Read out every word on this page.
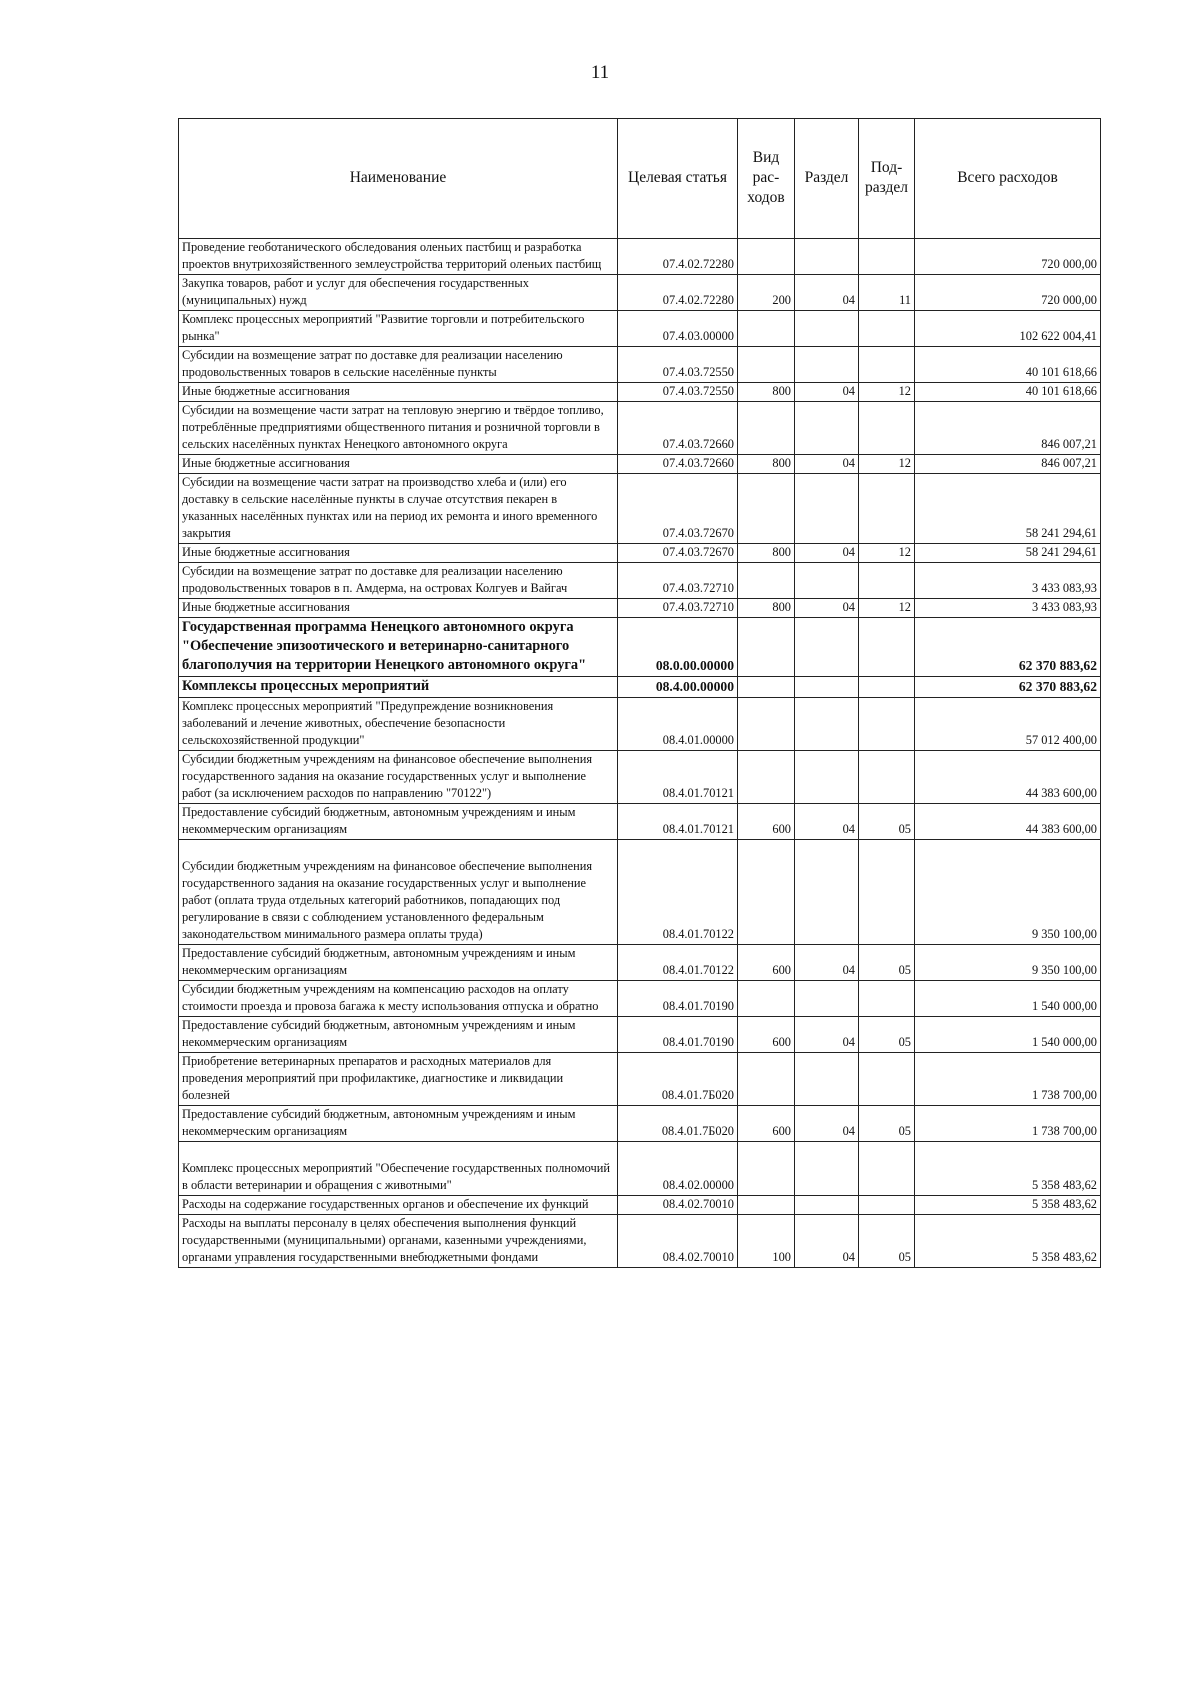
11
Наименование	Целевая статья	Вид рас-ходов	Раздел	Под-раздел	Всего расходов
Проведение геоботанического обследования оленьих пастбищ и разработка проектов внутрихозяйственного землеустройства территорий оленьих пастбищ	07.4.02.72280				720 000,00
Закупка товаров, работ и услуг для обеспечения государственных (муниципальных) нужд	07.4.02.72280	200	04	11	720 000,00
Комплекс процессных мероприятий "Развитие торговли и потребительского рынка"	07.4.03.00000				102 622 004,41
Субсидии на возмещение затрат по доставке для реализации населению продовольственных товаров в сельские населённые пункты	07.4.03.72550				40 101 618,66
Иные бюджетные ассигнования	07.4.03.72550	800	04	12	40 101 618,66
Субсидии на возмещение части затрат на тепловую энергию и твёрдое топливо, потреблённые предприятиями общественного питания и розничной торговли в сельских населённых пунктах Ненецкого автономного округа	07.4.03.72660				846 007,21
Иные бюджетные ассигнования	07.4.03.72660	800	04	12	846 007,21
Субсидии на возмещение части затрат на производство хлеба и (или) его доставку в сельские населённые пункты в случае отсутствия пекарен в указанных населённых пунктах или на период их ремонта и иного временного закрытия	07.4.03.72670				58 241 294,61
Иные бюджетные ассигнования	07.4.03.72670	800	04	12	58 241 294,61
Субсидии на возмещение затрат по доставке для реализации населению продовольственных товаров в п. Амдерма, на островах Колгуев и Вайгач	07.4.03.72710				3 433 083,93
Иные бюджетные ассигнования	07.4.03.72710	800	04	12	3 433 083,93
Государственная программа Ненецкого автономного округа "Обеспечение эпизоотического и ветеринарно-санитарного благополучия на территории Ненецкого автономного округа"	08.0.00.00000				62 370 883,62
Комплексы процессных мероприятий	08.4.00.00000				62 370 883,62
Комплекс процессных мероприятий "Предупреждение возникновения заболеваний и лечение животных, обеспечение безопасности сельскохозяйственной продукции"	08.4.01.00000				57 012 400,00
Субсидии бюджетным учреждениям на финансовое обеспечение выполнения государственного задания на оказание государственных услуг и выполнение работ (за исключением расходов по направлению "70122")	08.4.01.70121				44 383 600,00
Предоставление субсидий бюджетным, автономным учреждениям и иным некоммерческим организациям	08.4.01.70121	600	04	05	44 383 600,00
Субсидии бюджетным учреждениям на финансовое обеспечение выполнения государственного задания на оказание государственных услуг и выполнение работ (оплата труда отдельных категорий работников, попадающих под регулирование в связи с соблюдением установленного федеральным законодательством минимального размера оплаты труда)	08.4.01.70122				9 350 100,00
Предоставление субсидий бюджетным, автономным учреждениям и иным некоммерческим организациям	08.4.01.70122	600	04	05	9 350 100,00
Субсидии бюджетным учреждениям на компенсацию расходов на оплату стоимости проезда и провоза багажа к месту использования отпуска и обратно	08.4.01.70190				1 540 000,00
Предоставление субсидий бюджетным, автономным учреждениям и иным некоммерческим организациям	08.4.01.70190	600	04	05	1 540 000,00
Приобретение ветеринарных препаратов и расходных материалов для проведения мероприятий при профилактике, диагностике и ликвидации болезней	08.4.01.7Б020				1 738 700,00
Предоставление субсидий бюджетным, автономным учреждениям и иным некоммерческим организациям	08.4.01.7Б020	600	04	05	1 738 700,00
Комплекс процессных мероприятий "Обеспечение государственных полномочий в области ветеринарии и обращения с животными"	08.4.02.00000				5 358 483,62
Расходы на содержание государственных органов и обеспечение их функций	08.4.02.70010				5 358 483,62
Расходы на выплаты персоналу в целях обеспечения выполнения функций государственными (муниципальными) органами, казенными учреждениями, органами управления государственными внебюджетными фондами	08.4.02.70010	100	04	05	5 358 483,62
